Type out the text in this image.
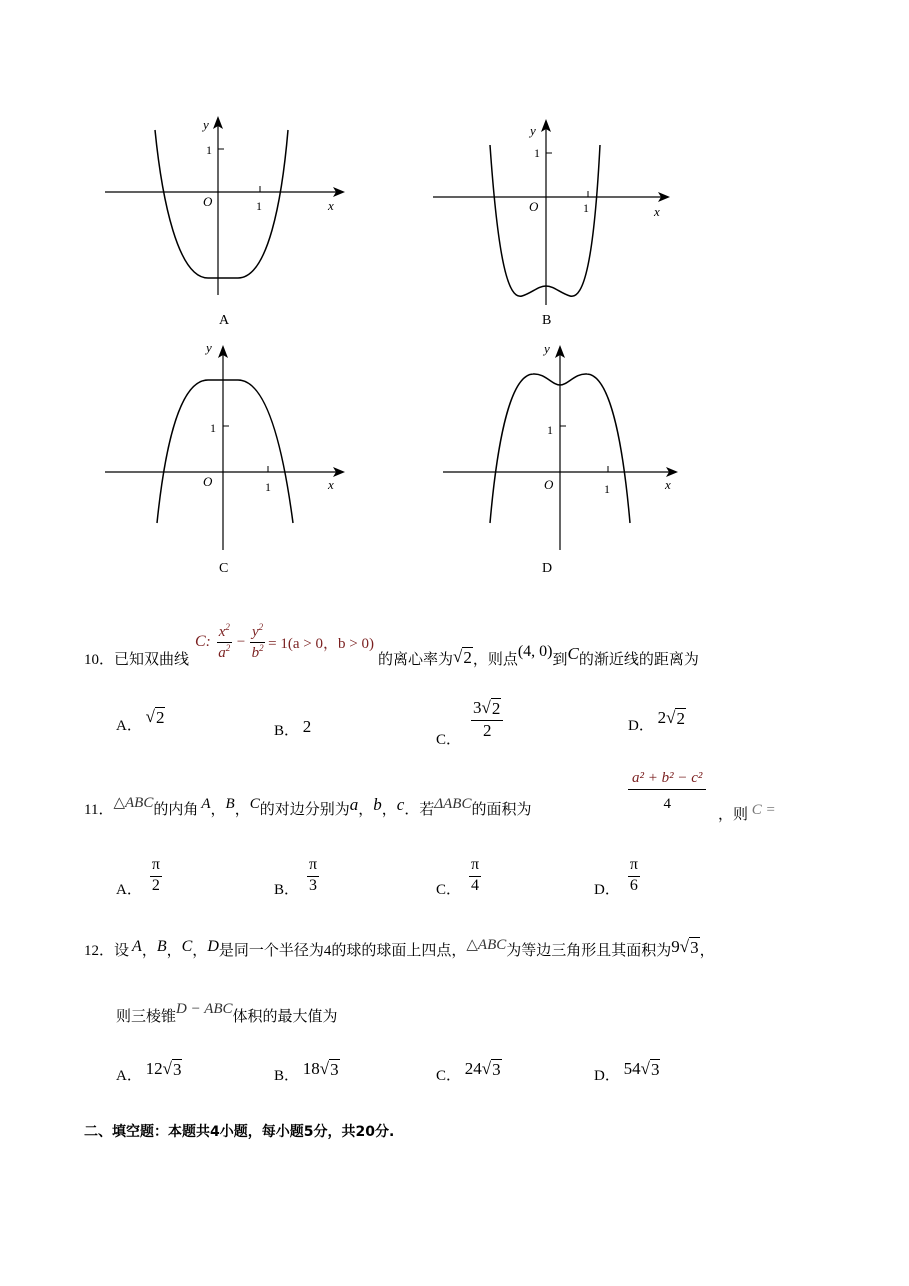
y
1
O	1	x
A
y
1
O	1	x
B
y
1
O	1	x
C
y
1
O	1	x
D
10． 已知双曲线
C : $\frac{x^2}{a^2} - \frac{y^2}{b^2} = 1(a > 0$，b > 0)
的离心率为 √ 2 ，则点 (4, 0) 到 C 的渐近线的距离为
A． √ 2
B． 2
C． $\frac{3 √ 2}{2}$	D． 2 √ 2
11． △ABC 的内角 A ， B ， C 的对边分别为 a ， b ， c ．若 ΔABC 的面积为	$\frac{\text{a² + b² − c²}}{4}$
，则 C =
A． $\frac{\pi}{2}$	B． $\frac{\pi}{3}$	C． $\frac{\pi}{4}$	D． $\frac{\pi}{6}$
12． 设 A ， B ， C ， D 是同一个半径为4的球的球面上四点， △ABC 为等边三角形且其面积为 9 √ 3 ，
则三棱锥 D − ABC 体积的最大值为
A． 12 √ 3	B． 18 √ 3	C． 24 √ 3	D． 54 √ 3
二、填空题：本题共4小题，每小题5分，共20分.
